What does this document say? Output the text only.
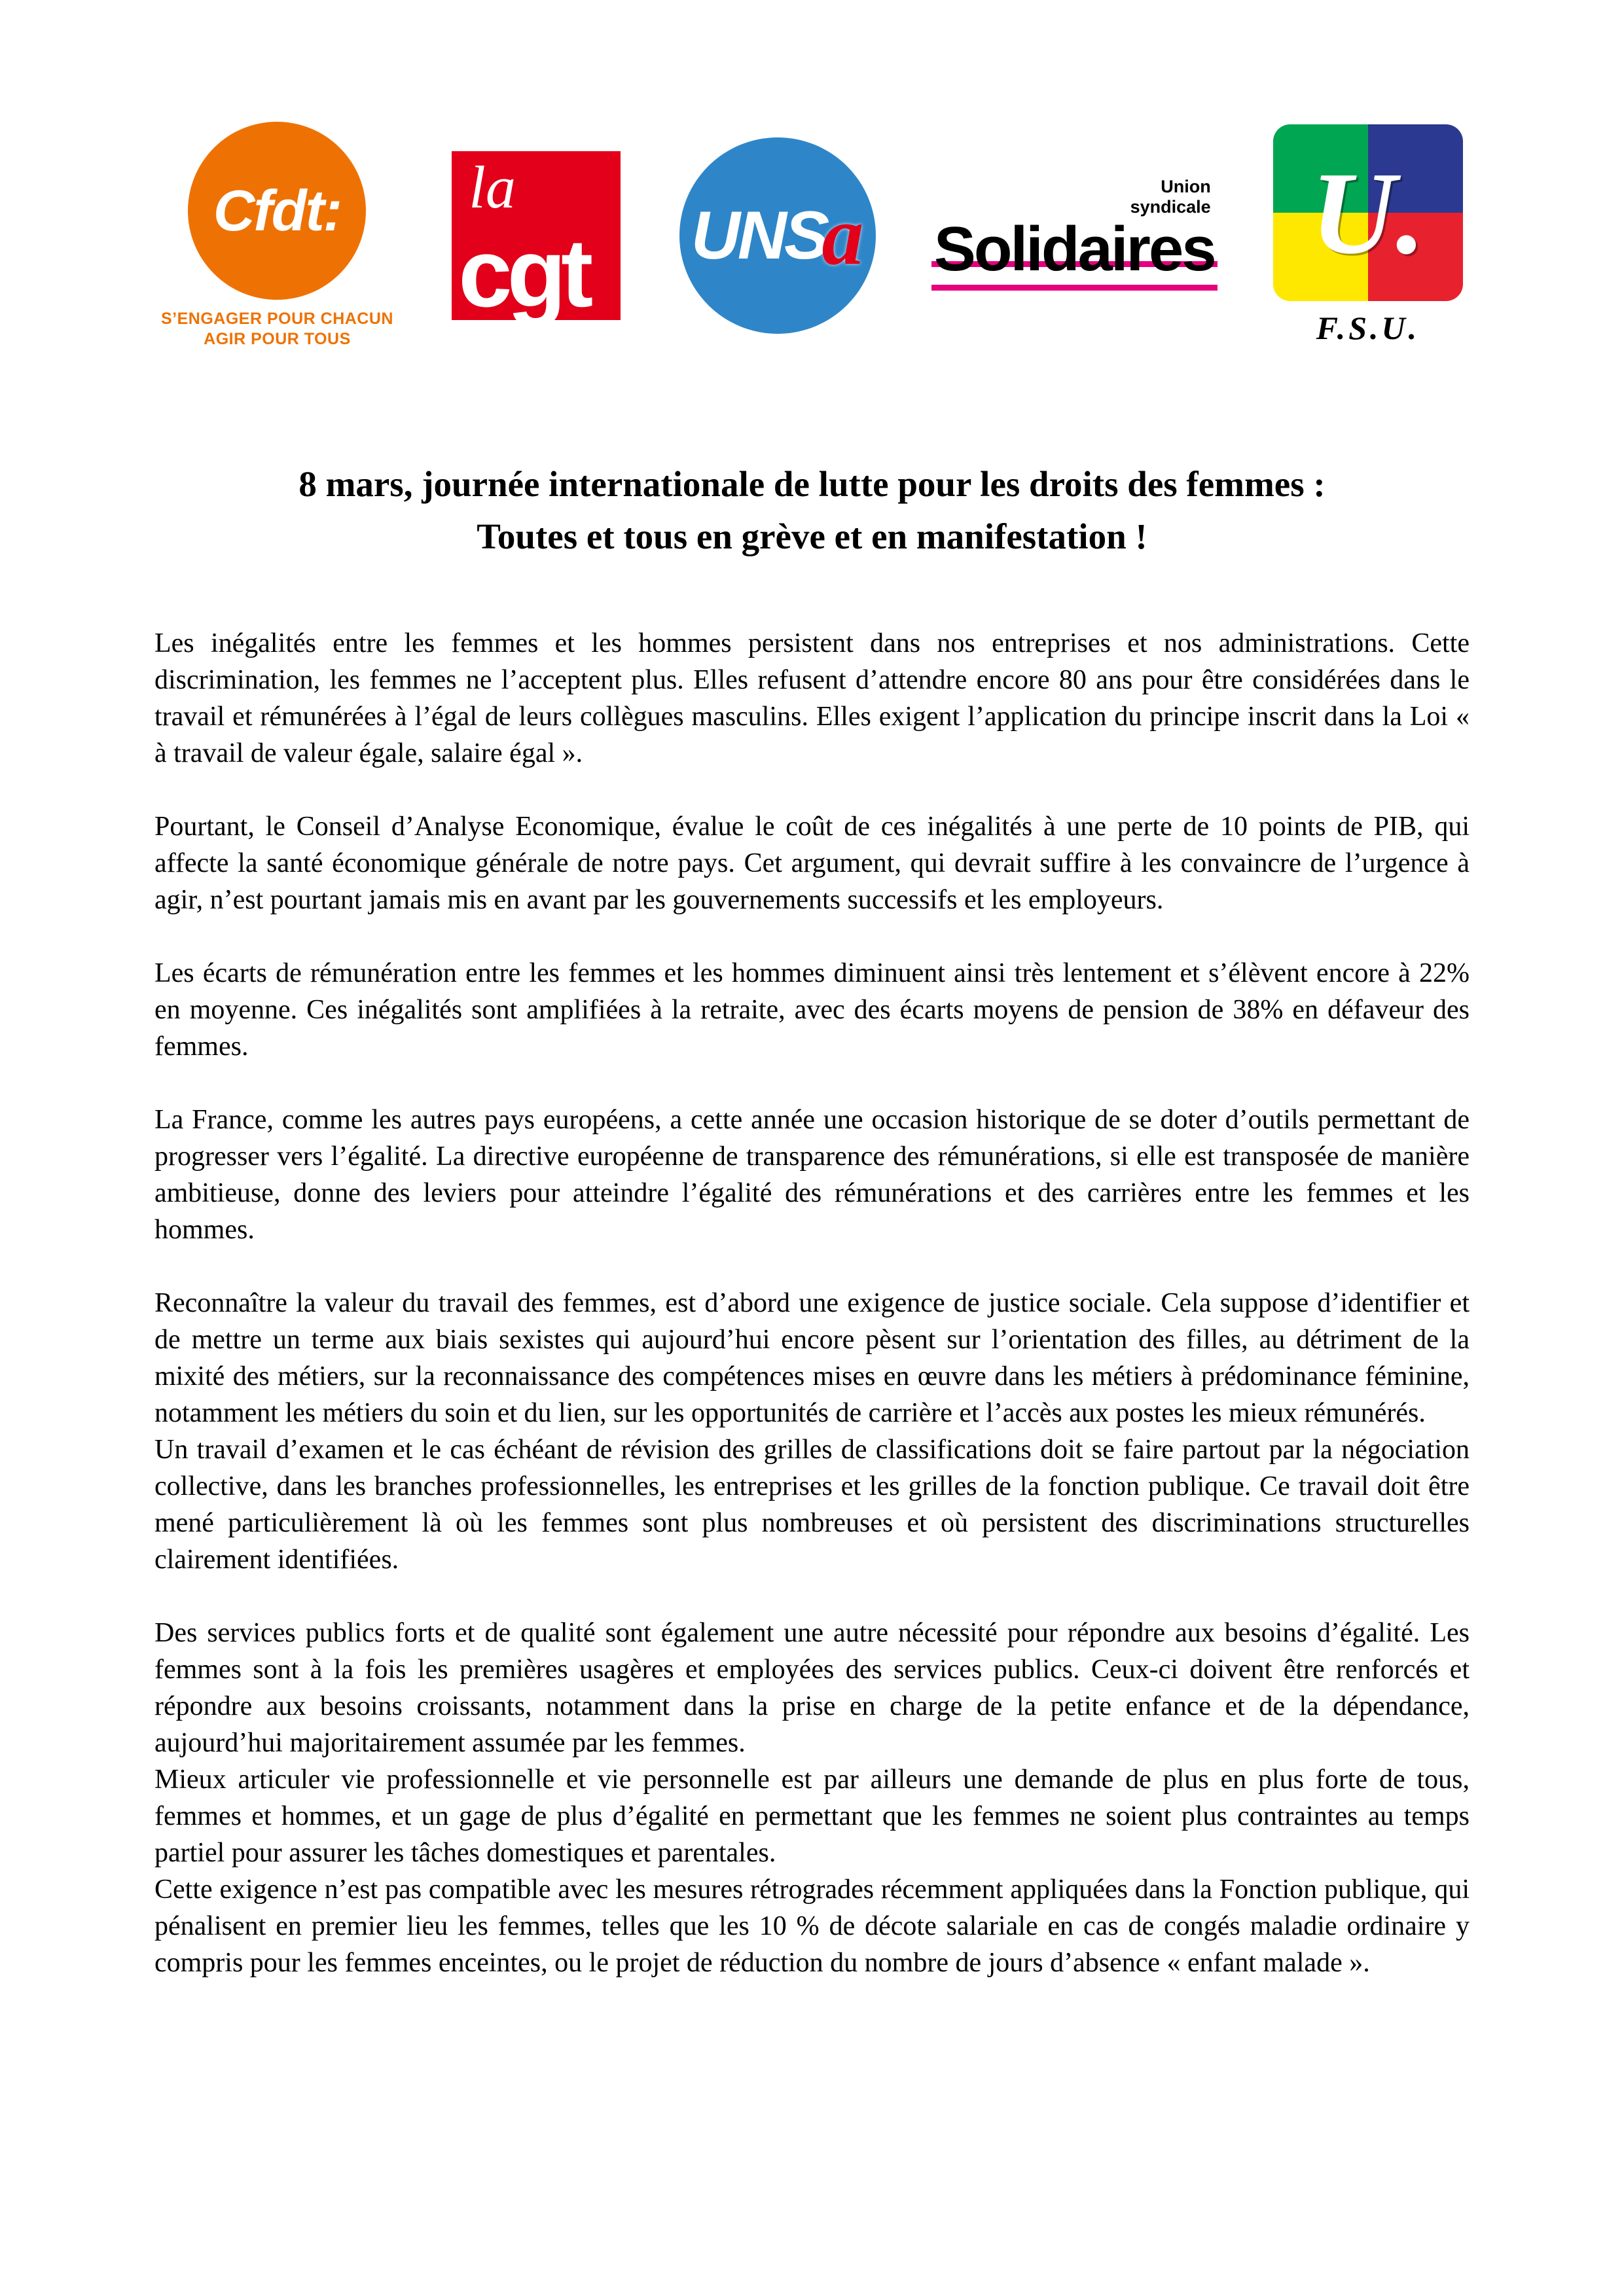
Cfdt:
S’ENGAGER POUR CHACUN
AGIR POUR TOUS
la
cgt UNS
a
Union
syndicale
Solidaires U.
F.S.U.
8 mars, journée internationale de lutte pour les droits des femmes :
Toutes et tous en grève et en manifestation !

Les inégalités entre les femmes et les hommes persistent dans nos entreprises et nos administrations. Cette discrimination, les femmes ne l’acceptent plus. Elles refusent d’attendre encore 80 ans pour être considérées dans le travail et rémunérées à l’égal de leurs collègues masculins. Elles exigent l’application du principe inscrit dans la Loi « à travail de valeur égale, salaire égal ».

Pourtant, le Conseil d’Analyse Economique, évalue le coût de ces inégalités à une perte de 10 points de PIB, qui affecte la santé économique générale de notre pays. Cet argument, qui devrait suffire à les convaincre de l’urgence à agir, n’est pourtant jamais mis en avant par les gouvernements successifs et les employeurs.

Les écarts de rémunération entre les femmes et les hommes diminuent ainsi très lentement et s’élèvent encore à 22% en moyenne. Ces inégalités sont amplifiées à la retraite, avec des écarts moyens de pension de 38% en défaveur des femmes.

La France, comme les autres pays européens, a cette année une occasion historique de se doter d’outils permettant de progresser vers l’égalité. La directive européenne de transparence des rémunérations, si elle est transposée de manière ambitieuse, donne des leviers pour atteindre l’égalité des rémunérations et des carrières entre les femmes et les hommes.

Reconnaître la valeur du travail des femmes, est d’abord une exigence de justice sociale. Cela suppose d’identifier et de mettre un terme aux biais sexistes qui aujourd’hui encore pèsent sur l’orientation des filles, au détriment de la mixité des métiers, sur la reconnaissance des compétences mises en œuvre dans les métiers à prédominance féminine, notamment les métiers du soin et du lien, sur les opportunités de carrière et l’accès aux postes les mieux rémunérés.

Un travail d’examen et le cas échéant de révision des grilles de classifications doit se faire partout par la négociation collective, dans les branches professionnelles, les entreprises et les grilles de la fonction publique. Ce travail doit être mené particulièrement là où les femmes sont plus nombreuses et où persistent des discriminations structurelles clairement identifiées.

Des services publics forts et de qualité sont également une autre nécessité pour répondre aux besoins d’égalité. Les femmes sont à la fois les premières usagères et employées des services publics. Ceux-ci doivent être renforcés et répondre aux besoins croissants, notamment dans la prise en charge de la petite enfance et de la dépendance, aujourd’hui majoritairement assumée par les femmes.

Mieux articuler vie professionnelle et vie personnelle est par ailleurs une demande de plus en plus forte de tous, femmes et hommes, et un gage de plus d’égalité en permettant que les femmes ne soient plus contraintes au temps partiel pour assurer les tâches domestiques et parentales.

Cette exigence n’est pas compatible avec les mesures rétrogrades récemment appliquées dans la Fonction publique, qui pénalisent en premier lieu les femmes, telles que les 10 % de décote salariale en cas de congés maladie ordinaire y compris pour les femmes enceintes, ou le projet de réduction du nombre de jours d’absence « enfant malade ».
